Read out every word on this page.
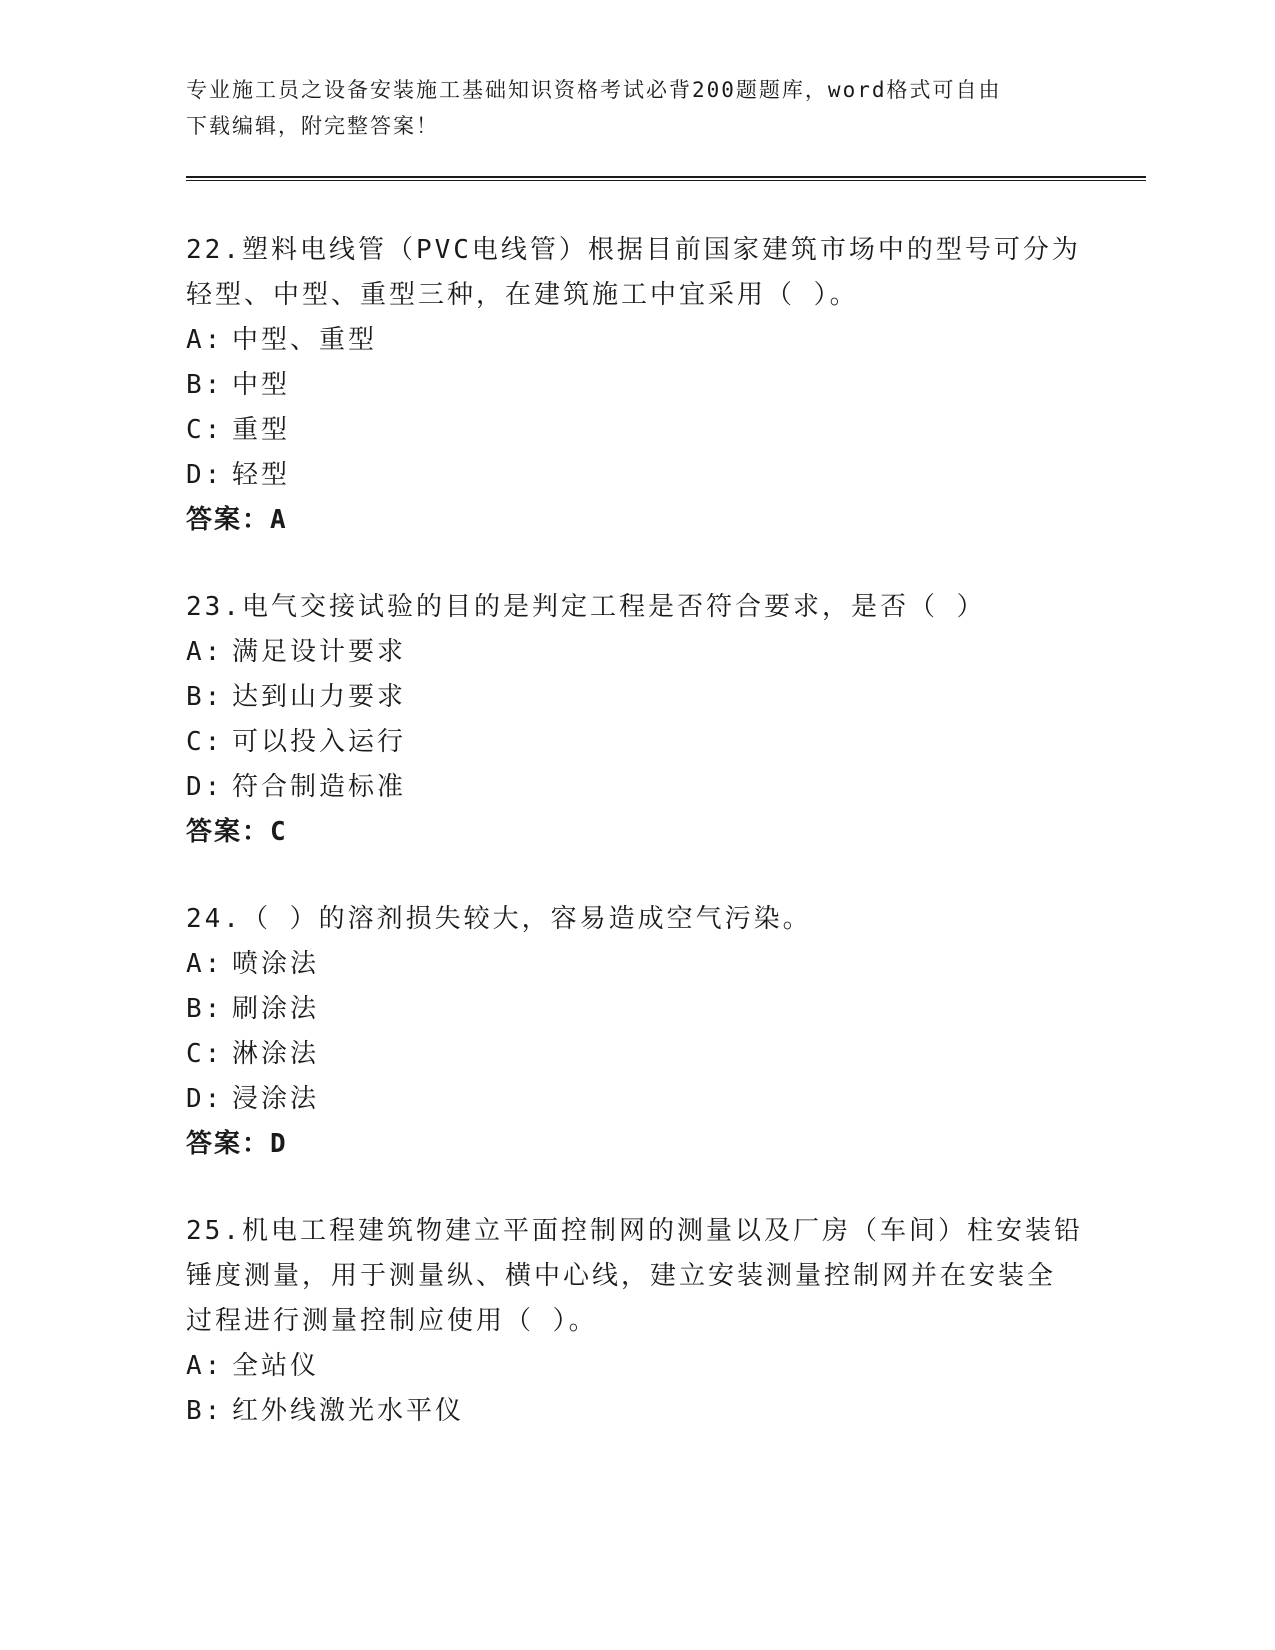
专业施工员之设备安装施工基础知识资格考试必背200题题库，word格式可自由
下载编辑，附完整答案！

22.塑料电线管（PVC电线管）根据目前国家建筑市场中的型号可分为

轻型、中型、重型三种，在建筑施工中宜采用（ ）。

A: 中型、重型

B: 中型

C: 重型

D: 轻型

答案：A

23.电气交接试验的目的是判定工程是否符合要求，是否（ ）

A: 满足设计要求

B: 达到山力要求

C: 可以投入运行

D: 符合制造标准

答案：C

24.（ ）的溶剂损失较大，容易造成空气污染。

A: 喷涂法

B: 刷涂法

C: 淋涂法

D: 浸涂法

答案：D

25.机电工程建筑物建立平面控制网的测量以及厂房（车间）柱安装铅

锤度测量，用于测量纵、横中心线，建立安装测量控制网并在安装全

过程进行测量控制应使用（ ）。

A: 全站仪

B: 红外线激光水平仪
